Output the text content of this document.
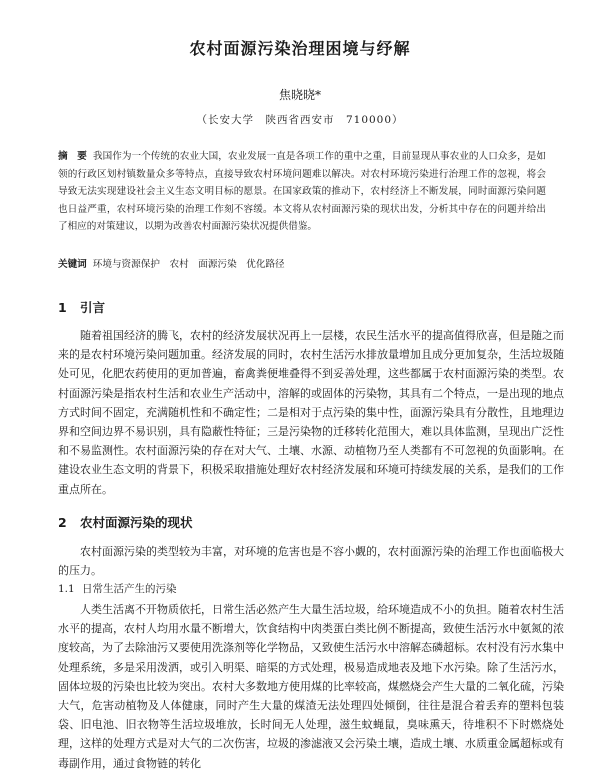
农村面源污染治理困境与纾解
焦晓晓*
（长安大学　陕西省西安市　710000）
摘　要 我国作为一个传统的农业大国，农业发展一直是各项工作的重中之重，目前显现从事农业的人口众多，是如领的行政区划村镇数量众多等特点，直接导致农村环境问题难以解决。对农村环境污染进行治理工作的忽视，将会导致无法实现建设社会主义生态文明目标的愿景。在国家政策的推动下，农村经济上不断发展，同时面源污染问题也日益严重，农村环境污染的治理工作刻不容缓。本文将从农村面源污染的现状出发，分析其中存在的问题并给出了相应的对策建议，以期为改善农村面源污染状况提供借鉴。
关键词 环境与资源保护　农村　面源污染　优化路径
1 引言

随着祖国经济的腾飞，农村的经济发展状况再上一层楼，农民生活水平的提高值得欣喜，但是随之而来的是农村环境污染问题加重。经济发展的同时，农村生活污水排放量增加且成分更加复杂，生活垃圾随处可见，化肥农药使用的更加普遍，畜禽粪便堆叠得不到妥善处理，这些都属于农村面源污染的类型。农村面源污染是指农村生活和农业生产活动中，溶解的或固体的污染物，其具有二个特点，一是出现的地点方式时间不固定，充满随机性和不确定性；二是相对于点污染的集中性，面源污染具有分散性，且地理边界和空间边界不易识别，具有隐蔽性特征；三是污染物的迁移转化范围大，难以具体监测，呈现出广泛性和不易监测性。农村面源污染的存在对大气、土壤、水源、动植物乃至人类都有不可忽视的负面影响。在建设农业生态文明的背景下，积极采取措施处理好农村经济发展和环境可持续发展的关系，是我们的工作重点所在。

2 农村面源污染的现状

农村面源污染的类型较为丰富，对环境的危害也是不容小觑的，农村面源污染的治理工作也面临极大的压力。

1.1 日常生活产生的污染

人类生活离不开物质依托，日常生活必然产生大量生活垃圾，给环境造成不小的负担。随着农村生活水平的提高，农村人均用水量不断增大，饮食结构中肉类蛋白类比例不断提高，致使生活污水中氨氮的浓度较高，为了去除油污又要使用洗涤剂等化学物品，又致使生活污水中溶解态磷超标。农村没有污水集中处理系统，多是采用泼洒，或引入明渠、暗渠的方式处理，极易造成地表及地下水污染。除了生活污水，固体垃圾的污染也比较为突出。农村大多数地方使用煤的比率较高，煤燃烧会产生大量的二氧化硫，污染大气，危害动植物及人体健康，同时产生大量的煤渣无法处理四处倾倒，往往是混合着丢弃的塑料包装袋、旧电池、旧衣物等生活垃圾堆放，长时间无人处理，滋生蚊蝇鼠，臭味熏天，待堆积不下时燃烧处理，这样的处理方式是对大气的二次伤害，垃圾的渗滤液又会污染土壤，造成土壤、水质重金属超标或有毒副作用，通过食物链的转化
